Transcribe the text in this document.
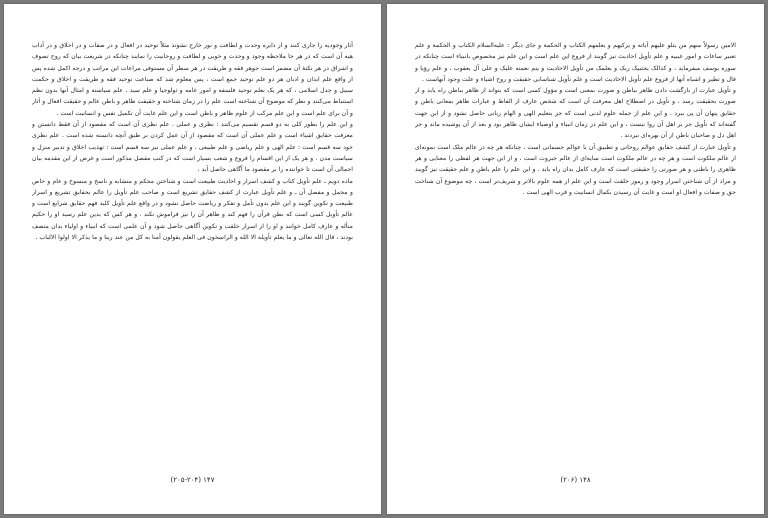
آثار وجوديه را جاری کنند و از دايره وحدت و لطافت و نور خارج نشوند مثلاً توحيد در افعال و در صفات و در اخلاق و در آداب هيه آن است که در هر جا ملاحظه وجود و وحدت و خوبی و لطافت و روحانيت را نمايند چنانکه در شريعت بيان که روح تصوف و اشراق در هر نکتهٔ آن مضمر است جوهر فقه و طريقت در هر سطر آن مستوفی مراعات اين مراتب و درجه اکمل شده پس از واقع علم ابدان و ادبان هر دو علم توحيد جمع است ، پس معلوم شد که صناعت توحيد فقه و طريقت و اخلاق و حکمت سبيل و جدل اسلامی ، که هر يک بعلم توحيد فلسفه و امور عامه و ثولوجيا و علم سيد ، علم سياسته و امثال آنها بدون نظم استنباط می‌کنند و نظر که موضوع آن شناخته است علم را در زمان شناخته و حقيقت ظاهر و باطن عالم و حقيقت افعال و آثار و آن برای علم است و اين علم مرکب از علوم ظاهر و باطن است و اين علم غايت آن تکميل نفس و انسانيت است .

و اين علم را بطور کلی به دو قسم تقسيم می‌کنند : نظری و عملی . علم نظری آن است که مقصود از آن فقط دانستن و معرفت حقايق اشياء است و علم عملی آن است که مقصود از آن عمل کردن بر طبق آنچه دانسته شده است . علم نظری خود سه قسم است : علم الهی و علم رياضی و علم طبيعی ، و علم عملی نيز سه قسم است : تهذيب اخلاق و تدبير منزل و سياست مدن . و هر يک از اين اقسام را فروع و شعب بسيار است که در کتب مفصل مذکور است و غرض از اين مقدمه بيان اجمالی آن است تا خواننده را بر مقصود ما آگاهی حاصل آيد .

ماده دويم ـ علم تأويل کتاب و کشف اسرار و احاديث طبيعت است و شناختن محکم و متشابه و ناسخ و منسوخ و عام و خاص و مجمل و مفصل آن ـ و علم تأويل عبارت از کشف حقايق تشريع است و صاحب علم تأويل را عالم بحقايق تشريع و اسرار طبيعت و تکوين گويند و اين علم بدون تأمل و تفکر و رياضت حاصل نشود و در واقع علم تأويل کليد فهم حقايق شرايع است و عالم تأويل کسی است که بطن قرآن را فهم کند و ظاهر آن را نيز فراموش نکند . و هر کس که بدين علم رسيد او را حکيم متأله و عارف کامل خوانند و او را از اسرار خلقت و تکوين آگاهی حاصل شود و آن علمی است که انبياء و اولياء بدان متصف بودند ، قال الله تعالی و ما يعلم تأويله الا الله و الراسخون فی العلم يقولون آمنا به کل من عند ربنا و ما يذکر الا اولوا الالباب .

۱۴۷ (۲۰۵-۲۰۴)

الامين رسولاً منهم من يتلو عليهم آياته و يزکيهم و يعلمهم الکتاب و الحکمة و جای ديگر : عليه‌السلام الکتاب و الحکمة و علم تعبير ساعات و امور غيبيه و علم تأويل احاديث نيز گويند از فروع اين علم است و اين علم نيز مخصوص بانبياء است چنانکه در سوره يوسف ميفرمايد ، و کذالک يجتبيک ربک و يعلمک من تأويل الاحاديث و يتم نعمته عليک و علی آل يعقوب ، و علم رؤيا و فال و تطير و اشباه آنها از فروع علم تأويل الاحاديث است و علم تأويل شناسايی حقيقت و روح اشياء و علت وجود آنهاست .

و تأويل عبارت از بازگشت دادن ظاهر بباطن و صورت بمعنی است و مؤول کسی است که بتواند از ظاهر بباطن راه يابد و از صورت بحقيقت رسد ، و تأويل در اصطلاح اهل معرفت آن است که شخص عارف از الفاظ و عبارات ظاهر بمعانی باطن و حقايق پنهان آن پی ببرد . و اين علم از جمله علوم لدنی است که جز بتعليم الهی و الهام ربانی حاصل نشود و از اين جهت گفته‌اند که تأويل جز بر اهل آن روا نيست ، و اين علم در زمان انبياء و اوصياء ايشان ظاهر بود و بعد از آن پوشيده ماند و جز اهل دل و صاحبان باطن از آن بهره‌ای نبردند .

و تأويل عبارت از کشف حقايق عوالم روحانی و تطبيق آن با عوالم جسمانی است ، چنانکه هر چه در عالم ملک است نمونه‌ای از عالم ملکوت است و هر چه در عالم ملکوت است سايه‌ای از عالم جبروت است ، و از اين جهت هر لفظی را معنايی و هر ظاهری را باطنی و هر صورتی را حقيقتی است که عارف کامل بدان راه يابد . و اين علم را علم باطن و علم حقيقت نيز گويند و مراد از آن شناختن اسرار وجود و رموز خلقت است و اين علم از همه علوم بالاتر و شريف‌تر است ، چه موضوع آن شناخت حق و صفات و افعال او است و غايت آن رسيدن بکمال انسانيت و قرب الهی است .

۱۴۸ (۲۰۶)
